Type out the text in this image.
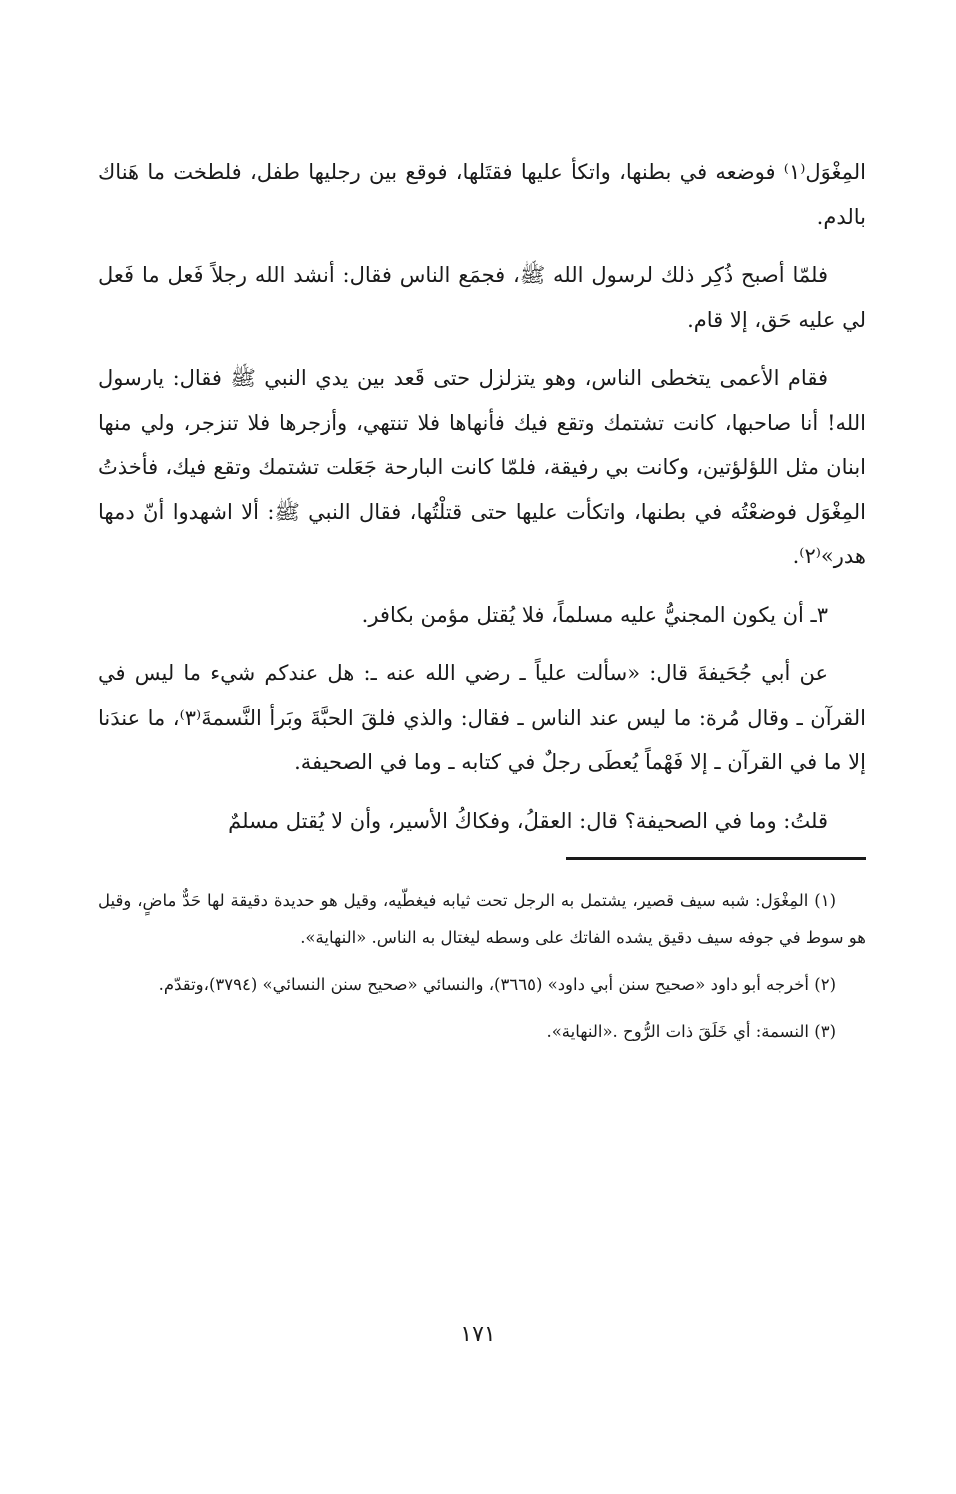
المِغْوَل⁽١⁾ فوضعه في بطنها، واتكأ عليها فقتَلها، فوقع بين رجليها طفل، فلطخت ما هَناك بالدم.

فلمّا أصبح ذُكِر ذلك لرسول الله ﷺ، فجمَع الناس فقال: أنشد الله رجلاً فَعل ما فَعل لي عليه حَق، إلا قام.

فقام الأعمى يتخطى الناس، وهو يتزلزل حتى قَعد بين يدي النبي ﷺ فقال: يارسول الله! أنا صاحبها، كانت تشتمك وتقع فيك فأنهاها فلا تنتهي، وأزجرها فلا تنزجر، ولي منها ابنان مثل اللؤلؤتين، وكانت بي رفيقة، فلمّا كانت البارحة جَعَلت تشتمك وتقع فيك، فأخذتُ المِغْوَل فوضعْتُه في بطنها، واتكأت عليها حتى قتلْتُها، فقال النبي ﷺ: ألا اشهدوا أنّ دمها هدر»⁽٢⁾.

٣ـ أن يكون المجنيُّ عليه مسلماً، فلا يُقتل مؤمن بكافر.

عن أبي جُحَيفةَ قال: «سألت علياً ـ رضي الله عنه ـ: هل عندكم شيء ما ليس في القرآن ـ وقال مُرة: ما ليس عند الناس ـ فقال: والذي فلقَ الحبَّةَ وبَرأ النَّسمةَ⁽٣⁾، ما عندَنا إلا ما في القرآن ـ إلا فَهْماً يُعطَى رجلٌ في كتابه ـ وما في الصحيفة.

قلتُ: وما في الصحيفة؟ قال: العقلُ، وفكاكُ الأسير، وأن لا يُقتل مسلمٌ

(١) المِغْوَل: شبه سيف قصير، يشتمل به الرجل تحت ثيابه فيغطّيه، وقيل هو حديدة دقيقة لها حَدٌّ ماضٍ، وقيل هو سوط في جوفه سيف دقيق يشده الفاتك على وسطه ليغتال به الناس. «النهاية».

(٢) أخرجه أبو داود «صحيح سنن أبي داود» (٣٦٦٥)، والنسائي «صحيح سنن النسائي» (٣٧٩٤)،وتقدّم.

(٣) النسمة: أي خَلَقَ ذات الرُّوح .«النهاية».

١٧١
